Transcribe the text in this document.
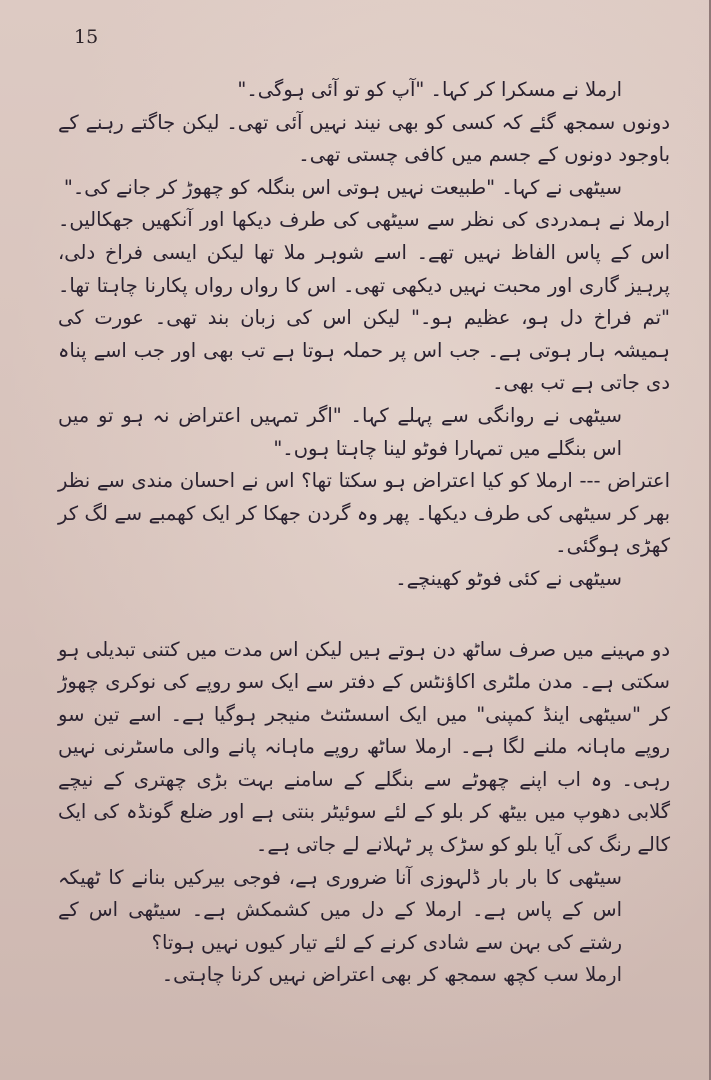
15

ارملا نے مسکرا کر کہا۔ "آپ کو تو آئی ہوگی۔"

دونوں سمجھ گئے کہ کسی کو بھی نیند نہیں آئی تھی۔ لیکن جاگتے رہنے کے باوجود دونوں کے جسم میں کافی چستی تھی۔

سیٹھی نے کہا۔ "طبیعت نہیں ہوتی اس بنگلہ کو چھوڑ کر جانے کی۔"

ارملا نے ہمدردی کی نظر سے سیٹھی کی طرف دیکھا اور آنکھیں جھکالیں۔ اس کے پاس الفاظ نہیں تھے۔ اسے شوہر ملا تھا لیکن ایسی فراخ دلی، پرہیز گاری اور محبت نہیں دیکھی تھی۔ اس کا رواں رواں پکارنا چاہتا تھا۔ "تم فراخ دل ہو، عظیم ہو۔" لیکن اس کی زبان بند تھی۔ عورت کی ہمیشہ ہار ہوتی ہے۔ جب اس پر حملہ ہوتا ہے تب بھی اور جب اسے پناہ دی جاتی ہے تب بھی۔

سیٹھی نے روانگی سے پہلے کہا۔ "اگر تمہیں اعتراض نہ ہو تو میں اس بنگلے میں تمہارا فوٹو لینا چاہتا ہوں۔"

اعتراض --- ارملا کو کیا اعتراض ہو سکتا تھا؟ اس نے احسان مندی سے نظر بھر کر سیٹھی کی طرف دیکھا۔ پھر وہ گردن جھکا کر ایک کھمبے سے لگ کر کھڑی ہوگئی۔

سیٹھی نے کئی فوٹو کھینچے۔

دو مہینے میں صرف ساٹھ دن ہوتے ہیں لیکن اس مدت میں کتنی تبدیلی ہو سکتی ہے۔ مدن ملٹری اکاؤنٹس کے دفتر سے ایک سو روپے کی نوکری چھوڑ کر "سیٹھی اینڈ کمپنی" میں ایک اسسٹنٹ منیجر ہوگیا ہے۔ اسے تین سو روپے ماہانہ ملنے لگا ہے۔ ارملا ساٹھ روپے ماہانہ پانے والی ماسٹرنی نہیں رہی۔ وہ اب اپنے چھوٹے سے بنگلے کے سامنے بہت بڑی چھتری کے نیچے گلابی دھوپ میں بیٹھ کر بلو کے لئے سوئیٹر بنتی ہے اور ضلع گونڈہ کی ایک کالے رنگ کی آیا بلو کو سڑک پر ٹہلانے لے جاتی ہے۔

سیٹھی کا بار بار ڈلہوزی آنا ضروری ہے، فوجی بیرکیں بنانے کا ٹھیکہ اس کے پاس ہے۔ ارملا کے دل میں کشمکش ہے۔ سیٹھی اس کے رشتے کی بہن سے شادی کرنے کے لئے تیار کیوں نہیں ہوتا؟

ارملا سب کچھ سمجھ کر بھی اعتراض نہیں کرنا چاہتی۔
